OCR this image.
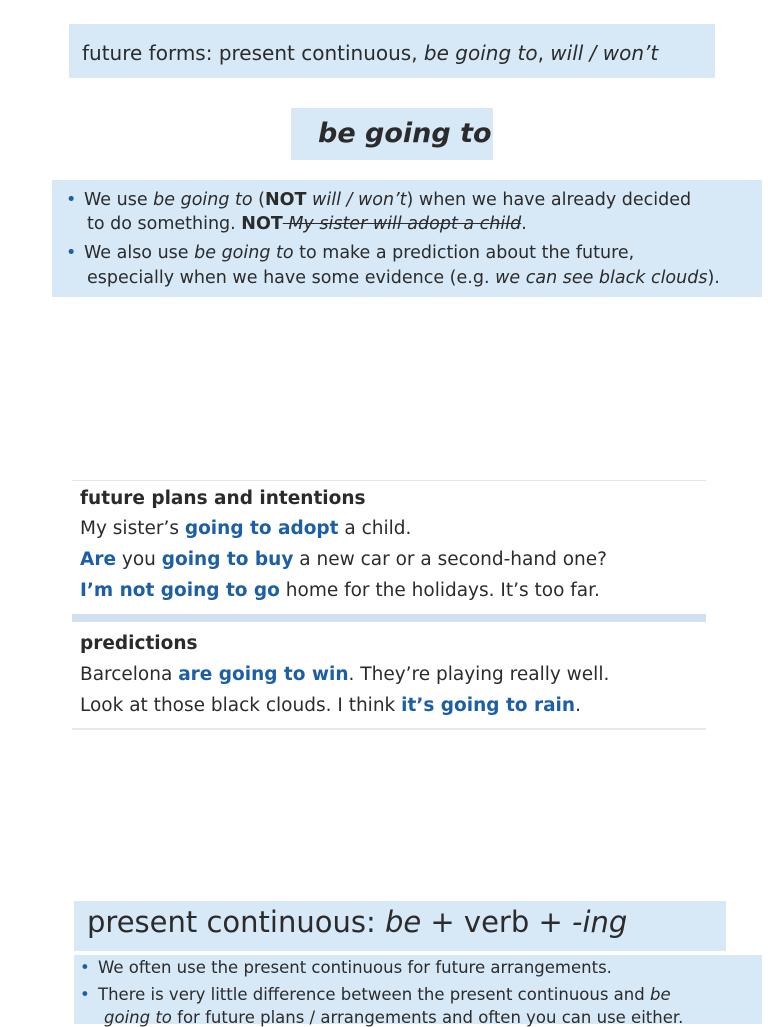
future forms: present continuous, be going to, will / won’t
be going to
• We use be going to (NOT will / won’t) when we have already decided
to do something. NOT My sister will adopt a child.
• We also use be going to to make a prediction about the future,
especially when we have some evidence (e.g. we can see black clouds).
future plans and intentions
My sister’s going to adopt a child.
Are you going to buy a new car or a second-hand one?
I’m not going to go home for the holidays. It’s too far.
predictions
Barcelona are going to win. They’re playing really well.
Look at those black clouds. I think it’s going to rain.
present continuous: be + verb + -ing
• We often use the present continuous for future arrangements.
• There is very little difference between the present continuous and be
going to for future plans / arrangements and often you can use either.
